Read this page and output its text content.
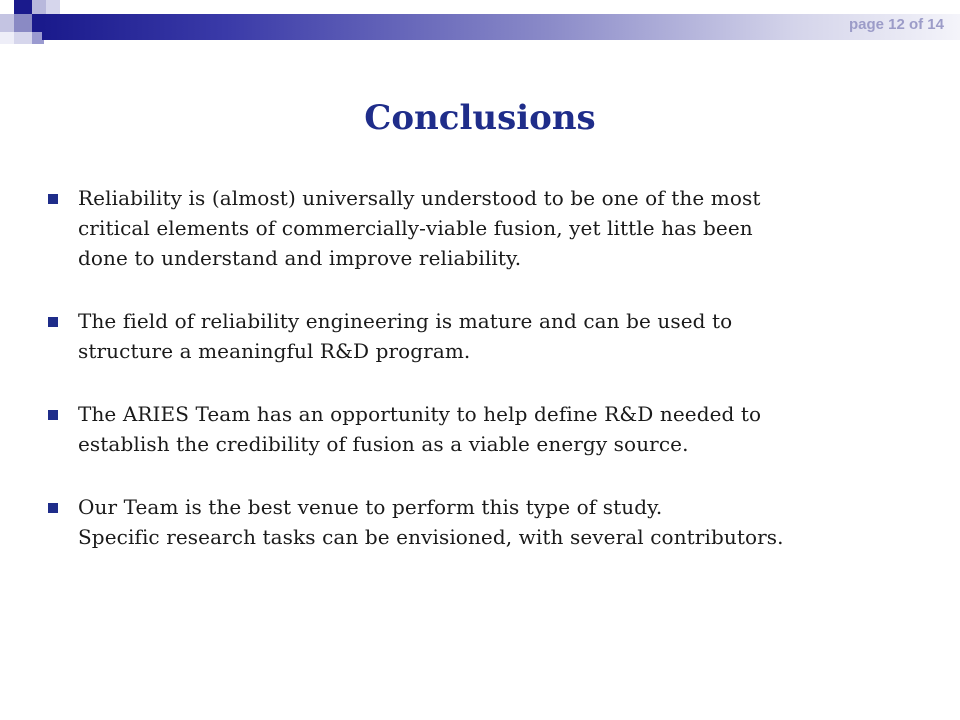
page 12 of 14
Conclusions
Reliability is (almost) universally understood to be one of the most
critical elements of commercially-viable fusion, yet little has been
done to understand and improve reliability.
The field of reliability engineering is mature and can be used to
structure a meaningful R&D program.
The ARIES Team has an opportunity to help define R&D needed to
establish the credibility of fusion as a viable energy source.
Our Team is the best venue to perform this type of study.
Specific research tasks can be envisioned, with several contributors.
